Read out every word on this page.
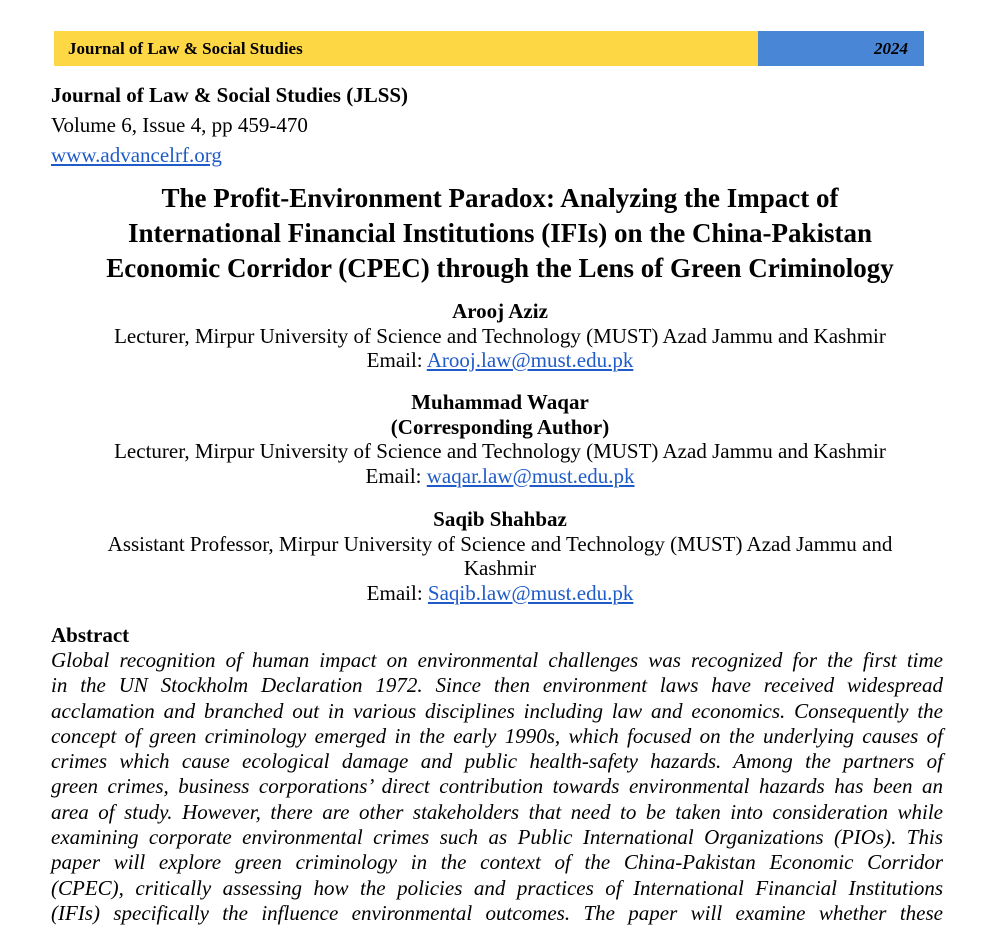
Journal of Law & Social Studies	2024
Journal of Law & Social Studies (JLSS)
Volume 6, Issue 4, pp 459-470
www.advancelrf.org
The Profit-Environment Paradox: Analyzing the Impact of
International Financial Institutions (IFIs) on the China-Pakistan
Economic Corridor (CPEC) through the Lens of Green Criminology
Arooj Aziz
Lecturer, Mirpur University of Science and Technology (MUST) Azad Jammu and Kashmir
Email: Arooj.law@must.edu.pk
Muhammad Waqar
(Corresponding Author)
Lecturer, Mirpur University of Science and Technology (MUST) Azad Jammu and Kashmir
Email: waqar.law@must.edu.pk
Saqib Shahbaz
Assistant Professor, Mirpur University of Science and Technology (MUST) Azad Jammu and
Kashmir
Email: Saqib.law@must.edu.pk
Abstract
Global recognition of human impact on environmental challenges was recognized for the first time
in the UN Stockholm Declaration 1972. Since then environment laws have received widespread
acclamation and branched out in various disciplines including law and economics. Consequently the
concept of green criminology emerged in the early 1990s, which focused on the underlying causes of
crimes which cause ecological damage and public health-safety hazards. Among the partners of
green crimes, business corporations’ direct contribution towards environmental hazards has been an
area of study. However, there are other stakeholders that need to be taken into consideration while
examining corporate environmental crimes such as Public International Organizations (PIOs). This
paper will explore green criminology in the context of the China-Pakistan Economic Corridor
(CPEC), critically assessing how the policies and practices of International Financial Institutions
(IFIs) specifically the influence environmental outcomes. The paper will examine whether these
